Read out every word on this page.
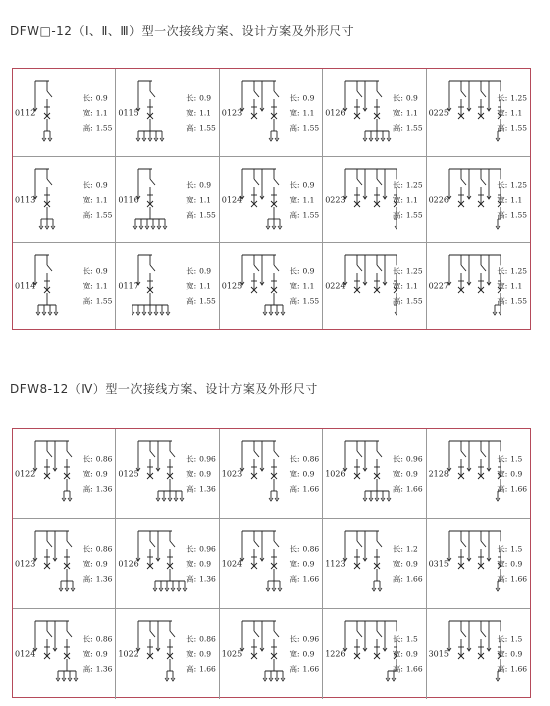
DFW□-12（Ⅰ、Ⅱ、Ⅲ）型一次接线方案、设计方案及外形尺寸
0112
长: 0.9
宽: 1.1
高: 1.55
0115
长: 0.9
宽: 1.1
高: 1.55
0123
长: 0.9
宽: 1.1
高: 1.55
0126
长: 0.9
宽: 1.1
高: 1.55
0225
长: 1.25
宽: 1.1
高: 1.55
0113
长: 0.9
宽: 1.1
高: 1.55
0116
长: 0.9
宽: 1.1
高: 1.55
0124
长: 0.9
宽: 1.1
高: 1.55
0223
长: 1.25
宽: 1.1
高: 1.55
0226
长: 1.25
宽: 1.1
高: 1.55
0114
长: 0.9
宽: 1.1
高: 1.55
0117
长: 0.9
宽: 1.1
高: 1.55
0125
长: 0.9
宽: 1.1
高: 1.55
0224
长: 1.25
宽: 1.1
高: 1.55
0227
长: 1.25
宽: 1.1
高: 1.55
DFW8-12（Ⅳ）型一次接线方案、设计方案及外形尺寸
0122
长: 0.86
宽: 0.9
高: 1.36
0125
长: 0.96
宽: 0.9
高: 1.36
1023
长: 0.86
宽: 0.9
高: 1.66
1026
长: 0.96
宽: 0.9
高: 1.66
2128
长: 1.5
宽: 0.9
高: 1.66
0123
长: 0.86
宽: 0.9
高: 1.36
0126
长: 0.96
宽: 0.9
高: 1.36
1024
长: 0.86
宽: 0.9
高: 1.66
1123
长: 1.2
宽: 0.9
高: 1.66
0315
长: 1.5
宽: 0.9
高: 1.66
0124
长: 0.86
宽: 0.9
高: 1.36
1022
长: 0.86
宽: 0.9
高: 1.66
1025
长: 0.96
宽: 0.9
高: 1.66
1226
长: 1.5
宽: 0.9
高: 1.66
3015
长: 1.5
宽: 0.9
高: 1.66
